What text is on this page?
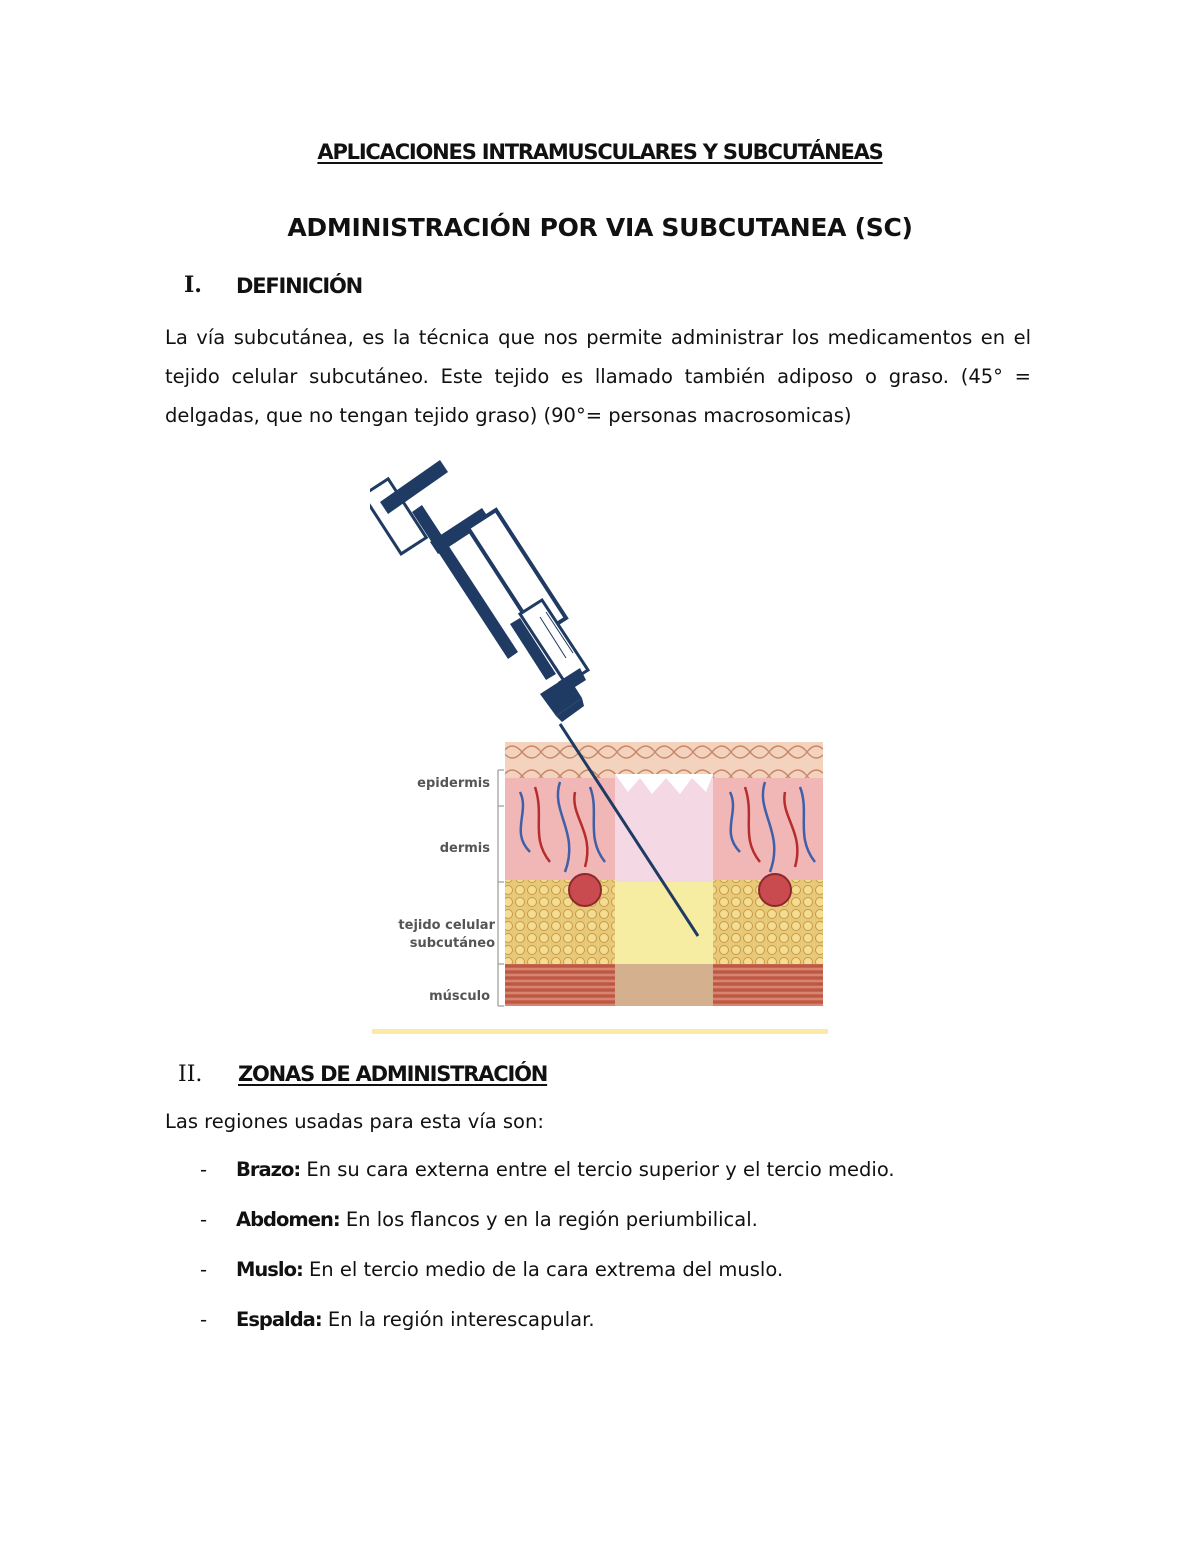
APLICACIONES INTRAMUSCULARES Y SUBCUTÁNEAS
ADMINISTRACIÓN POR VIA SUBCUTANEA (SC)
I. DEFINICIÓN
La vía subcutánea, es la técnica que nos permite administrar los medicamentos en el
tejido celular subcutáneo. Este tejido es llamado también adiposo o graso. (45° =
delgadas, que no tengan tejido graso) (90°= personas macrosomicas)
epidermis
dermis
tejido celular
subcutáneo
músculo
II. ZONAS DE ADMINISTRACIÓN
Las regiones usadas para esta vía son:
- Brazo: En su cara externa entre el tercio superior y el tercio medio.
- Abdomen: En los flancos y en la región periumbilical.
- Muslo: En el tercio medio de la cara extrema del muslo.
- Espalda: En la región interescapular.
